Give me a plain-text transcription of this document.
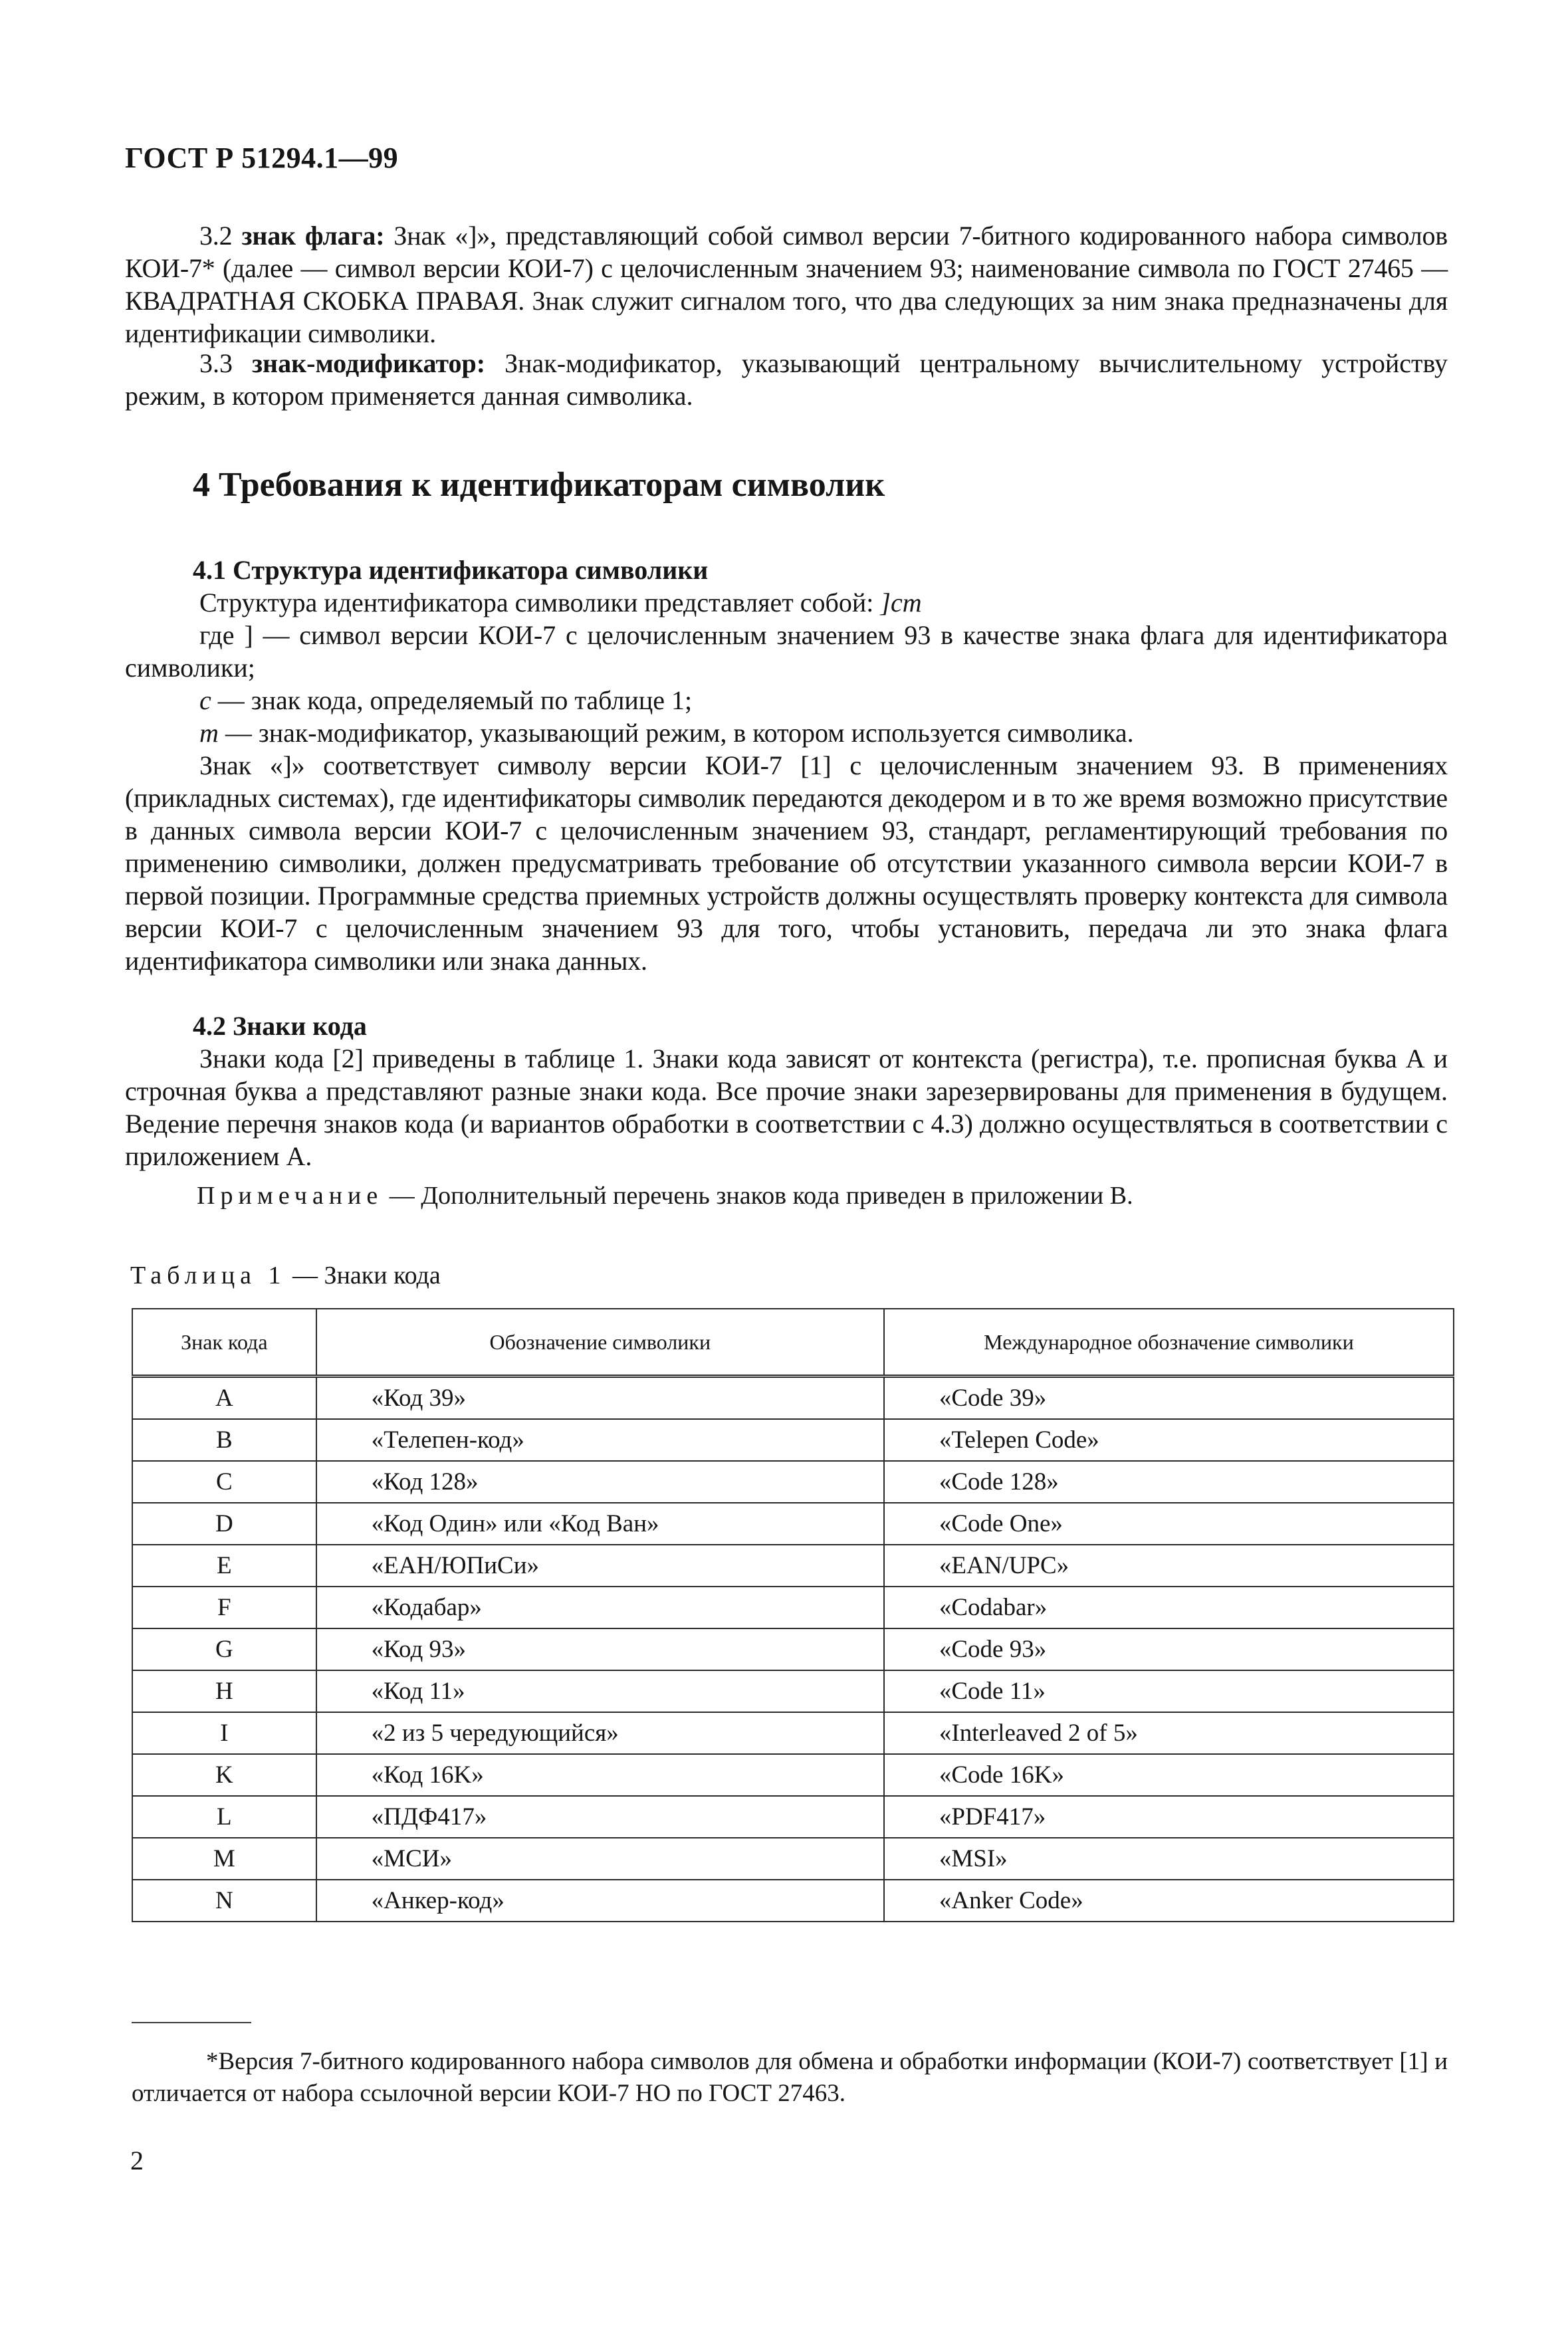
ГОСТ Р 51294.1—99
3.2 знак флага: Знак «]», представляющий собой символ версии 7-битного кодированного набора символов КОИ-7* (далее — символ версии КОИ-7) с целочисленным значением 93; наименование символа по ГОСТ 27465 — КВАДРАТНАЯ СКОБКА ПРАВАЯ. Знак служит сигналом того, что два следующих за ним знака предназначены для идентификации символики.
3.3 знак-модификатор: Знак-модификатор, указывающий центральному вычислительному устройству режим, в котором применяется данная символика.
4 Требования к идентификаторам символик
4.1 Структура идентификатора символики
Структура идентификатора символики представляет собой: ]cm
где ] — символ версии КОИ-7 с целочисленным значением 93 в качестве знака флага для идентификатора символики;
c — знак кода, определяемый по таблице 1;
m — знак-модификатор, указывающий режим, в котором используется символика.
Знак «]» соответствует символу версии КОИ-7 [1] с целочисленным значением 93. В применениях (прикладных системах), где идентификаторы символик передаются декодером и в то же время возможно присутствие в данных символа версии КОИ-7 с целочисленным значением 93, стандарт, регламентирующий требования по применению символики, должен предусматривать требование об отсутствии указанного символа версии КОИ-7 в первой позиции. Программные средства приемных устройств должны осуществлять проверку контекста для символа версии КОИ-7 с целочисленным значением 93 для того, чтобы установить, передача ли это знака флага идентификатора символики или знака данных.
4.2 Знаки кода
Знаки кода [2] приведены в таблице 1. Знаки кода зависят от контекста (регистра), т.е. прописная буква А и строчная буква а представляют разные знаки кода. Все прочие знаки зарезервированы для применения в будущем. Ведение перечня знаков кода (и вариантов обработки в соответствии с 4.3) должно осуществляться в соответствии с приложением А.
Примечание — Дополнительный перечень знаков кода приведен в приложении В.
Таблица 1 — Знаки кода
Знак кода	Обозначение символики	Международное обозначение символики
A	«Код 39»	«Code 39»
B	«Телепен-код»	«Telepen Code»
C	«Код 128»	«Code 128»
D	«Код Один» или «Код Ван»	«Code One»
E	«ЕАН/ЮПиСи»	«EAN/UPC»
F	«Кодабар»	«Codabar»
G	«Код 93»	«Code 93»
H	«Код 11»	«Code 11»
I	«2 из 5 чередующийся»	«Interleaved 2 of 5»
K	«Код 16K»	«Code 16K»
L	«ПДФ417»	«PDF417»
M	«МСИ»	«MSI»
N	«Анкер-код»	«Anker Code»
*Версия 7-битного кодированного набора символов для обмена и обработки информации (КОИ-7) соответствует [1] и отличается от набора ссылочной версии КОИ-7 НО по ГОСТ 27463.
2
